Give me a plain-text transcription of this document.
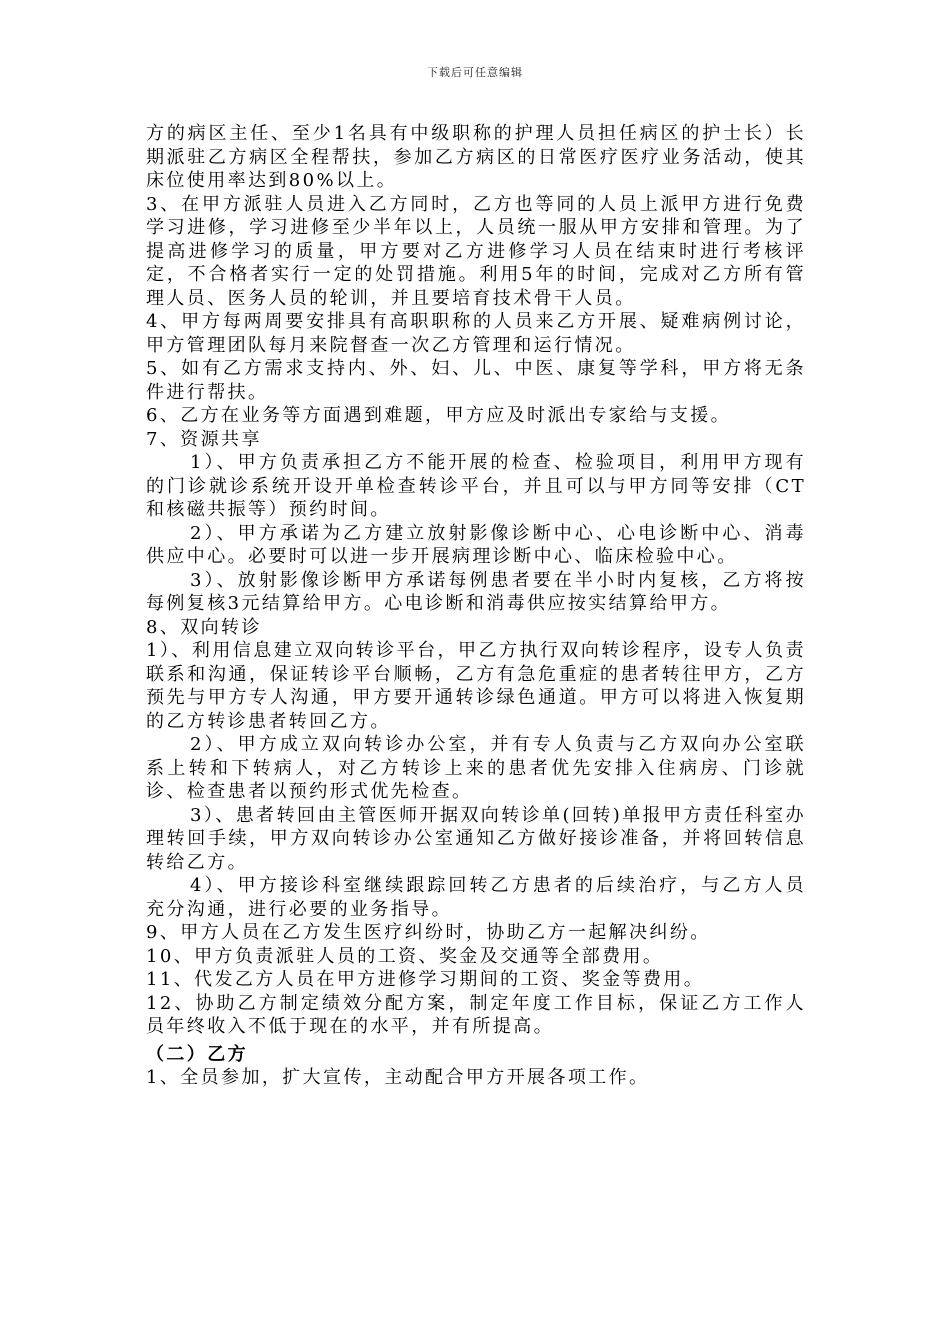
下载后可任意编辑

方的病区主任、至少1名具有中级职称的护理人员担任病区的护士长）长期派驻乙方病区全程帮扶，参加乙方病区的日常医疗医疗业务活动，使其床位使用率达到80%以上。

3、在甲方派驻人员进入乙方同时，乙方也等同的人员上派甲方进行免费学习进修，学习进修至少半年以上，人员统一服从甲方安排和管理。为了提高进修学习的质量，甲方要对乙方进修学习人员在结束时进行考核评定，不合格者实行一定的处罚措施。利用5年的时间，完成对乙方所有管理人员、医务人员的轮训，并且要培育技术骨干人员。

4、甲方每两周要安排具有高职职称的人员来乙方开展、疑难病例讨论，甲方管理团队每月来院督查一次乙方管理和运行情况。

5、如有乙方需求支持内、外、妇、儿、中医、康复等学科，甲方将无条件进行帮扶。

6、乙方在业务等方面遇到难题，甲方应及时派出专家给与支援。

7、资源共享

1）、甲方负责承担乙方不能开展的检查、检验项目，利用甲方现有的门诊就诊系统开设开单检查转诊平台，并且可以与甲方同等安排（CT和核磁共振等）预约时间。

2）、甲方承诺为乙方建立放射影像诊断中心、心电诊断中心、消毒供应中心。必要时可以进一步开展病理诊断中心、临床检验中心。

3）、放射影像诊断甲方承诺每例患者要在半小时内复核，乙方将按每例复核3元结算给甲方。心电诊断和消毒供应按实结算给甲方。

8、双向转诊

1）、利用信息建立双向转诊平台，甲乙方执行双向转诊程序，设专人负责联系和沟通，保证转诊平台顺畅，乙方有急危重症的患者转往甲方，乙方预先与甲方专人沟通，甲方要开通转诊绿色通道。甲方可以将进入恢复期的乙方转诊患者转回乙方。

2）、甲方成立双向转诊办公室，并有专人负责与乙方双向办公室联系上转和下转病人，对乙方转诊上来的患者优先安排入住病房、门诊就诊、检查患者以预约形式优先检查。

3）、患者转回由主管医师开据双向转诊单(回转)单报甲方责任科室办理转回手续，甲方双向转诊办公室通知乙方做好接诊准备，并将回转信息转给乙方。

4）、甲方接诊科室继续跟踪回转乙方患者的后续治疗，与乙方人员充分沟通，进行必要的业务指导。

9、甲方人员在乙方发生医疗纠纷时，协助乙方一起解决纠纷。

10、甲方负责派驻人员的工资、奖金及交通等全部费用。

11、代发乙方人员在甲方进修学习期间的工资、奖金等费用。

12、协助乙方制定绩效分配方案，制定年度工作目标，保证乙方工作人员年终收入不低于现在的水平，并有所提高。

（二）乙方

1、全员参加，扩大宣传，主动配合甲方开展各项工作。
